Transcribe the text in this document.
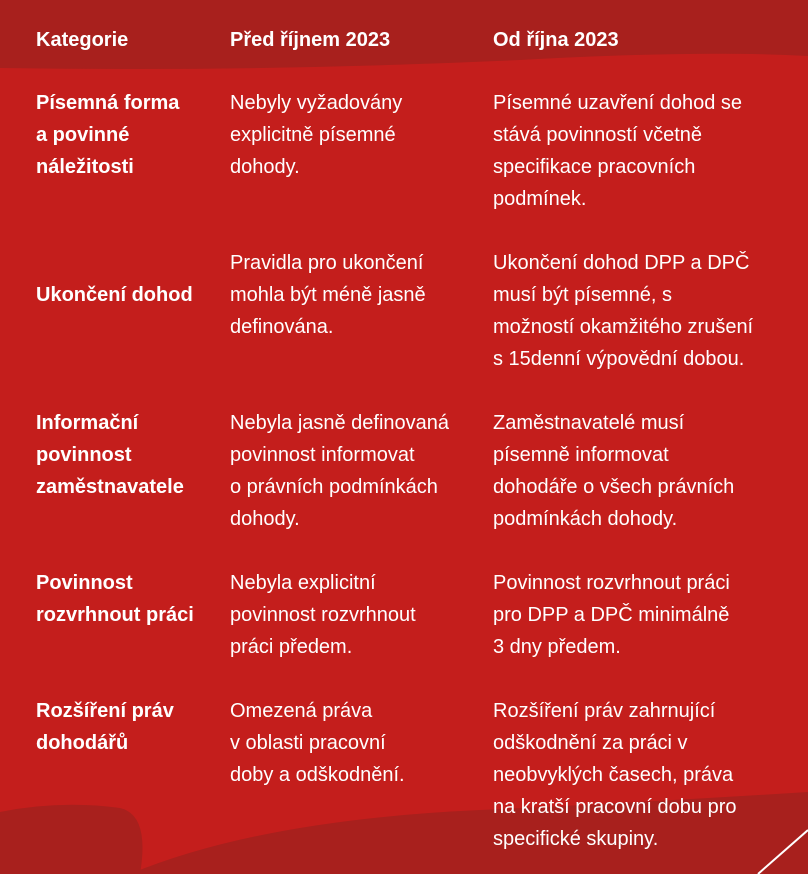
Kategorie	Před říjnem 2023	Od října 2023
Písemná forma
a povinné
náležitosti
Nebyly vyžadovány
explicitně písemné
dohody.
Písemné uzavření dohod se
stává povinností včetně
specifikace pracovních
podmínek.
Ukončení dohod
Pravidla pro ukončení
mohla být méně jasně
definována.
Ukončení dohod DPP a DPČ
musí být písemné, s
možností okamžitého zrušení
s 15denní výpovědní dobou.
Informační
povinnost
zaměstnavatele
Nebyla jasně definovaná
povinnost informovat
o právních podmínkách
dohody.
Zaměstnavatelé musí
písemně informovat
dohodáře o všech právních
podmínkách dohody.
Povinnost
rozvrhnout práci
Nebyla explicitní
povinnost rozvrhnout
práci předem.
Povinnost rozvrhnout práci
pro DPP a DPČ minimálně
3 dny předem.
Rozšíření práv
dohodářů
Omezená práva
v oblasti pracovní
doby a odškodnění.
Rozšíření práv zahrnující
odškodnění za práci v
neobvyklých časech, práva
na kratší pracovní dobu pro
specifické skupiny.
